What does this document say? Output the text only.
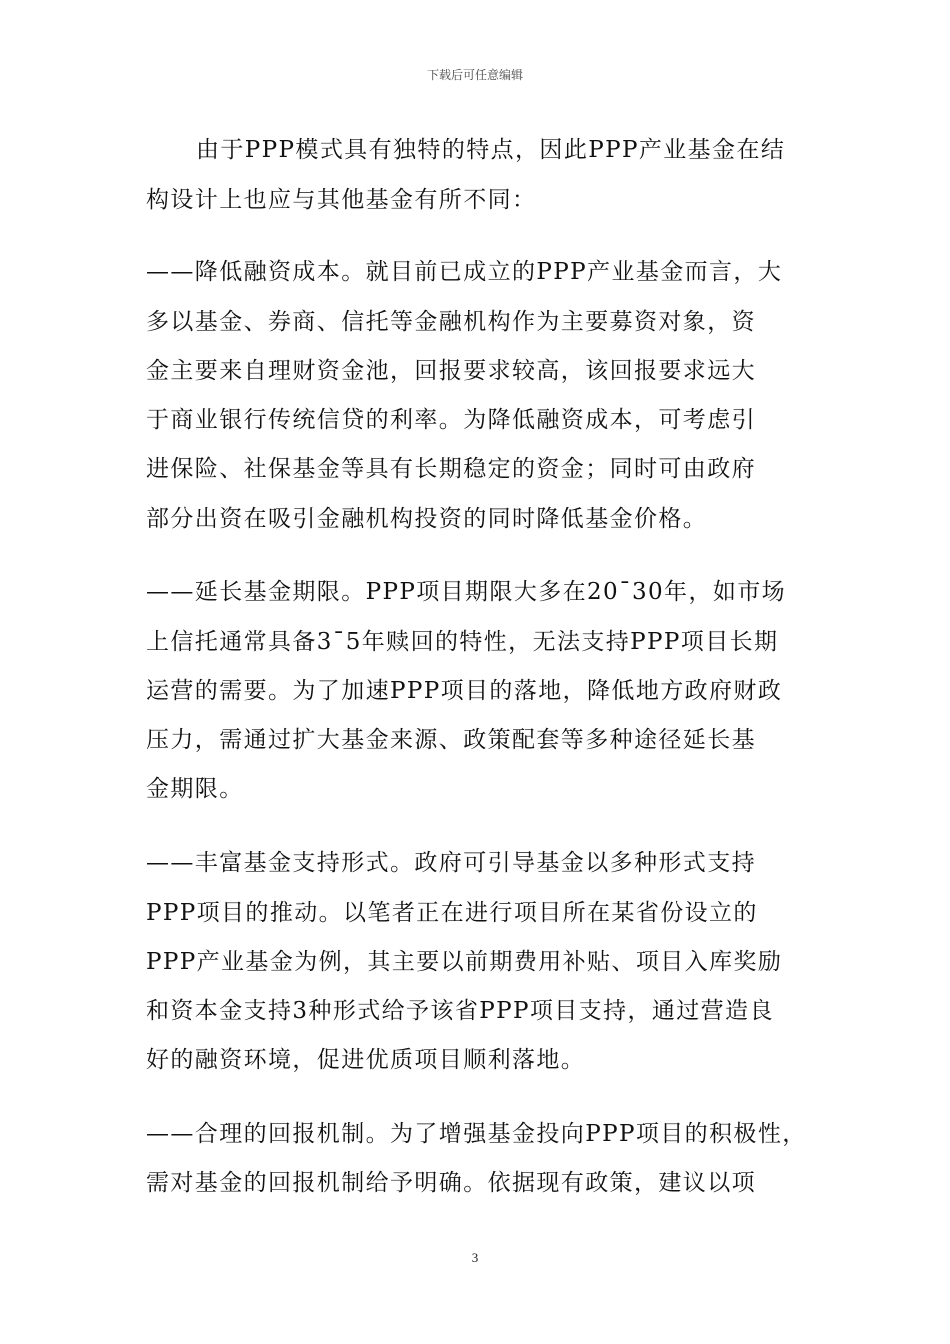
下载后可任意编辑
由于PPP模式具有独特的特点，因此PPP产业基金在结
构设计上也应与其他基金有所不同：
——降低融资成本。就目前已成立的PPP产业基金而言，大
多以基金、券商、信托等金融机构作为主要募资对象，资
金主要来自理财资金池，回报要求较高，该回报要求远大
于商业银行传统信贷的利率。为降低融资成本，可考虑引
进保险、社保基金等具有长期稳定的资金；同时可由政府
部分出资在吸引金融机构投资的同时降低基金价格。
——延长基金期限。PPP项目期限大多在20¯30年，如市场
上信托通常具备3¯5年赎回的特性，无法支持PPP项目长期
运营的需要。为了加速PPP项目的落地，降低地方政府财政
压力，需通过扩大基金来源、政策配套等多种途径延长基
金期限。
——丰富基金支持形式。政府可引导基金以多种形式支持
PPP项目的推动。以笔者正在进行项目所在某省份设立的
PPP产业基金为例，其主要以前期费用补贴、项目入库奖励
和资本金支持3种形式给予该省PPP项目支持，通过营造良
好的融资环境，促进优质项目顺利落地。
——合理的回报机制。为了增强基金投向PPP项目的积极性，
需对基金的回报机制给予明确。依据现有政策，建议以项
3
